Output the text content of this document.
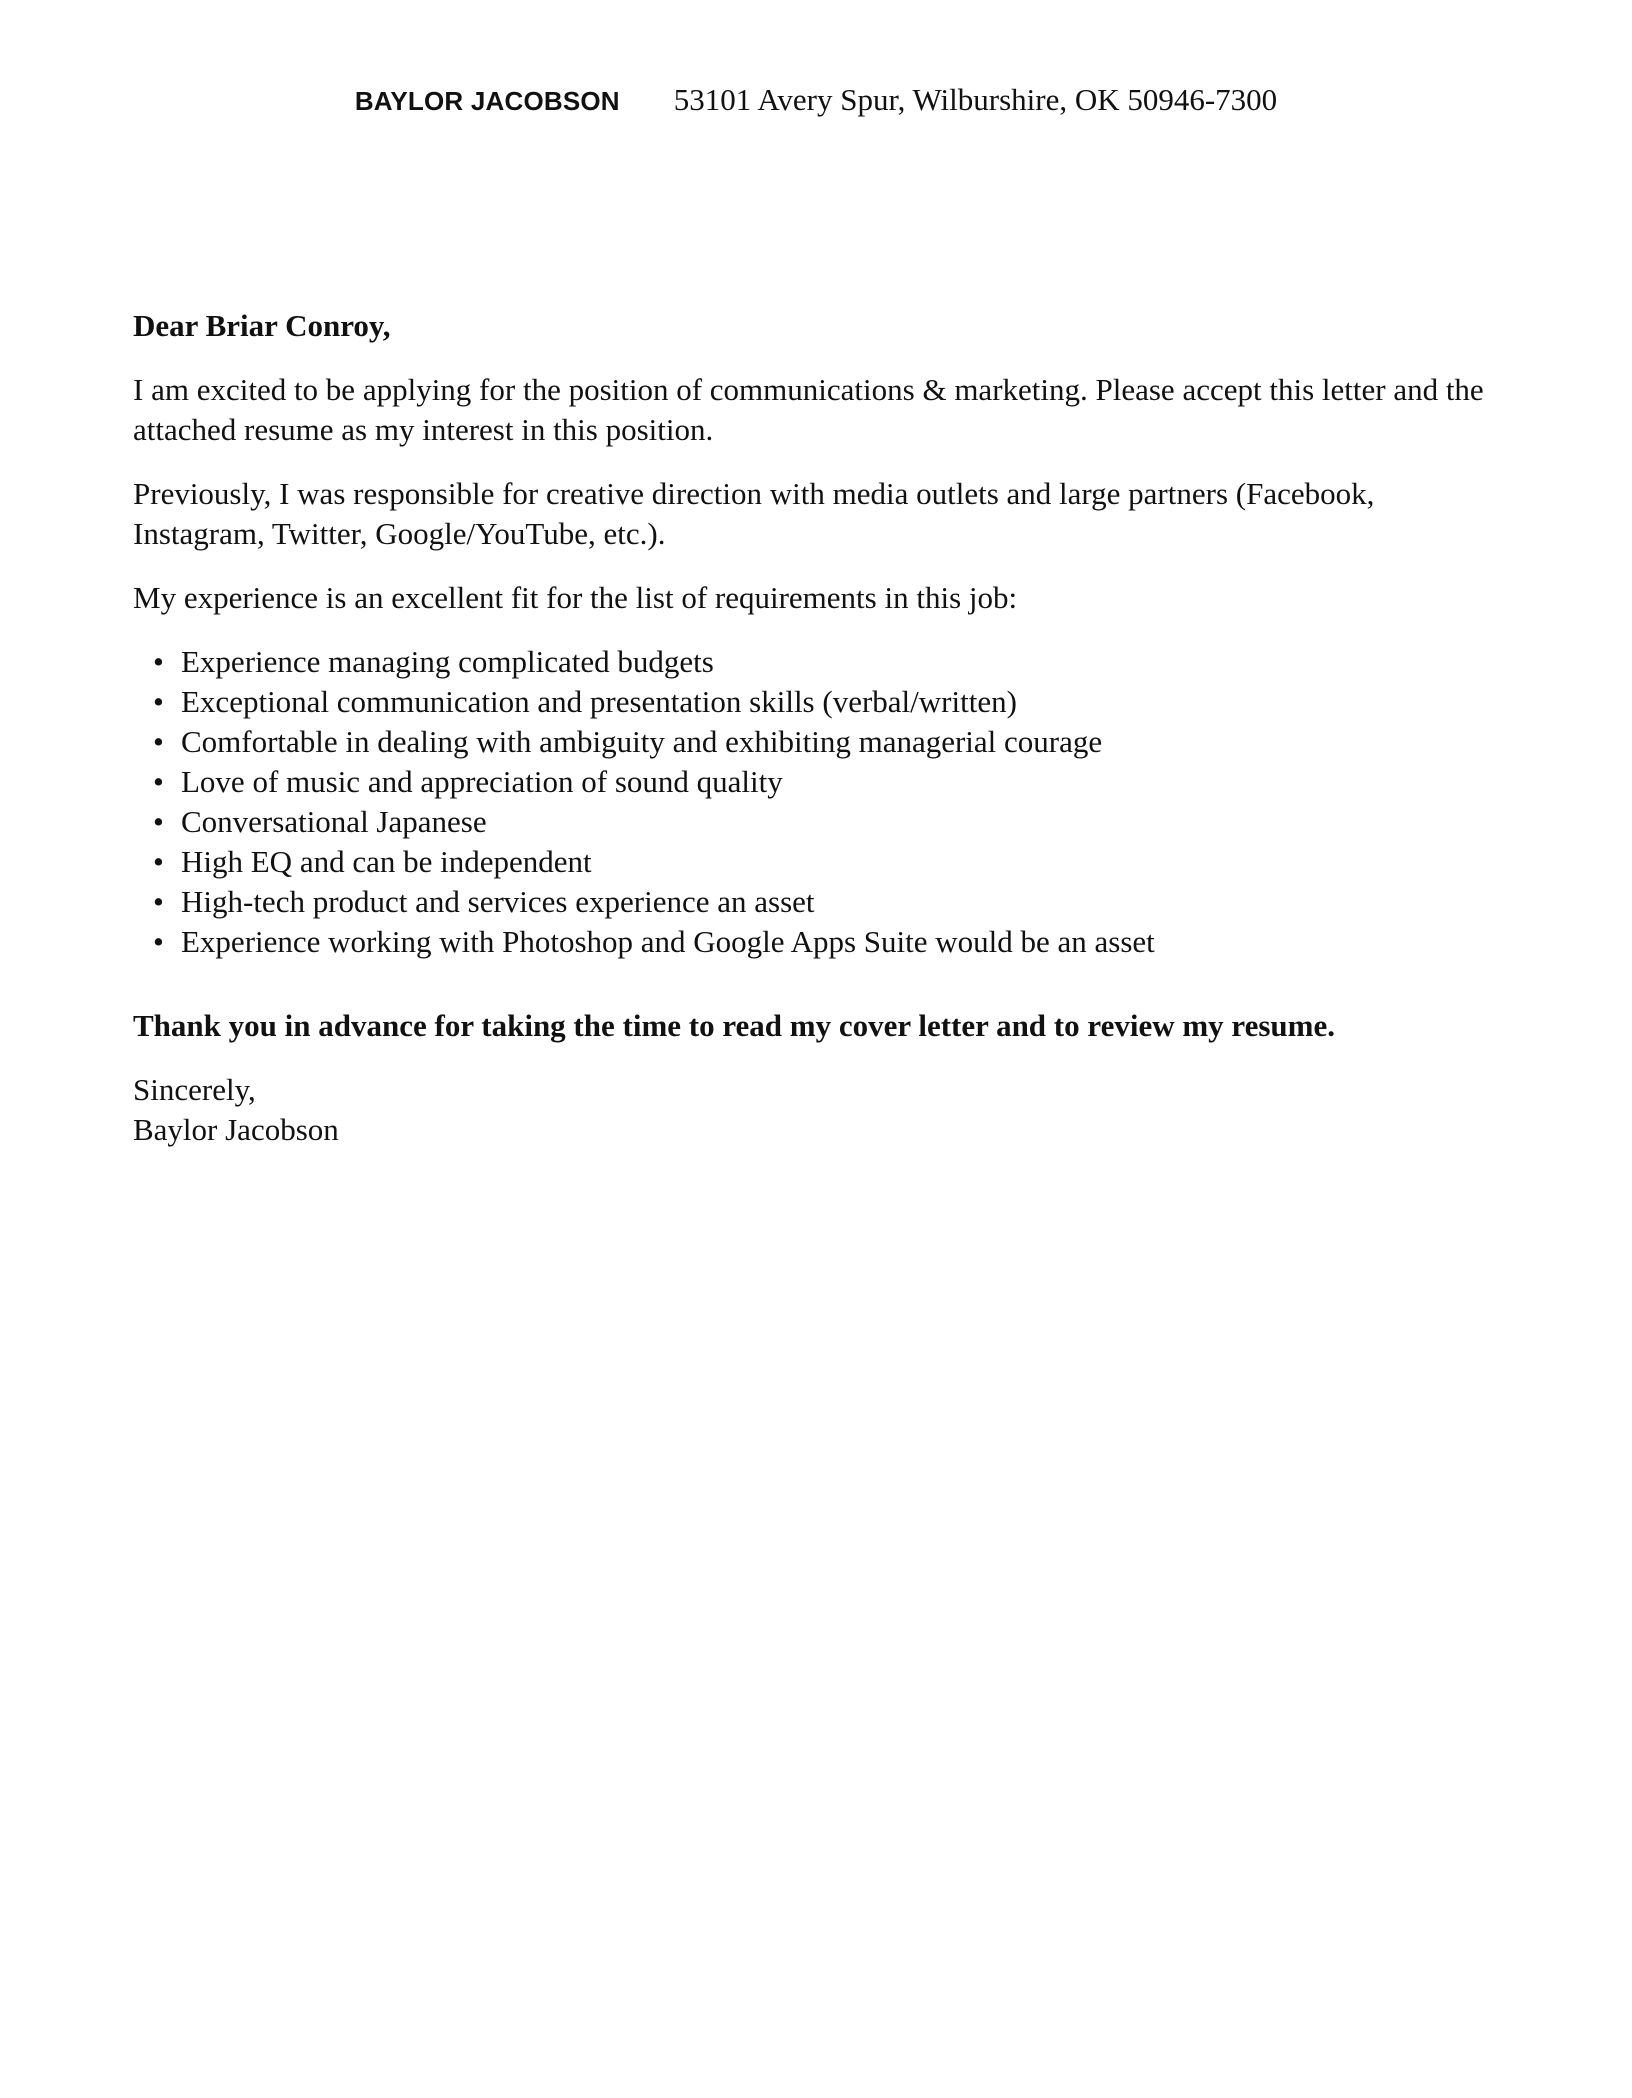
BAYLOR JACOBSON 53101 Avery Spur, Wilburshire, OK 50946-7300

Dear Briar Conroy,

I am excited to be applying for the position of communications & marketing. Please accept this letter and the attached resume as my interest in this position.

Previously, I was responsible for creative direction with media outlets and large partners (Facebook, Instagram, Twitter, Google/YouTube, etc.).

My experience is an excellent fit for the list of requirements in this job:

• Experience managing complicated budgets
• Exceptional communication and presentation skills (verbal/written)
• Comfortable in dealing with ambiguity and exhibiting managerial courage
• Love of music and appreciation of sound quality
• Conversational Japanese
• High EQ and can be independent
• High-tech product and services experience an asset
• Experience working with Photoshop and Google Apps Suite would be an asset

Thank you in advance for taking the time to read my cover letter and to review my resume.

Sincerely,

Baylor Jacobson
